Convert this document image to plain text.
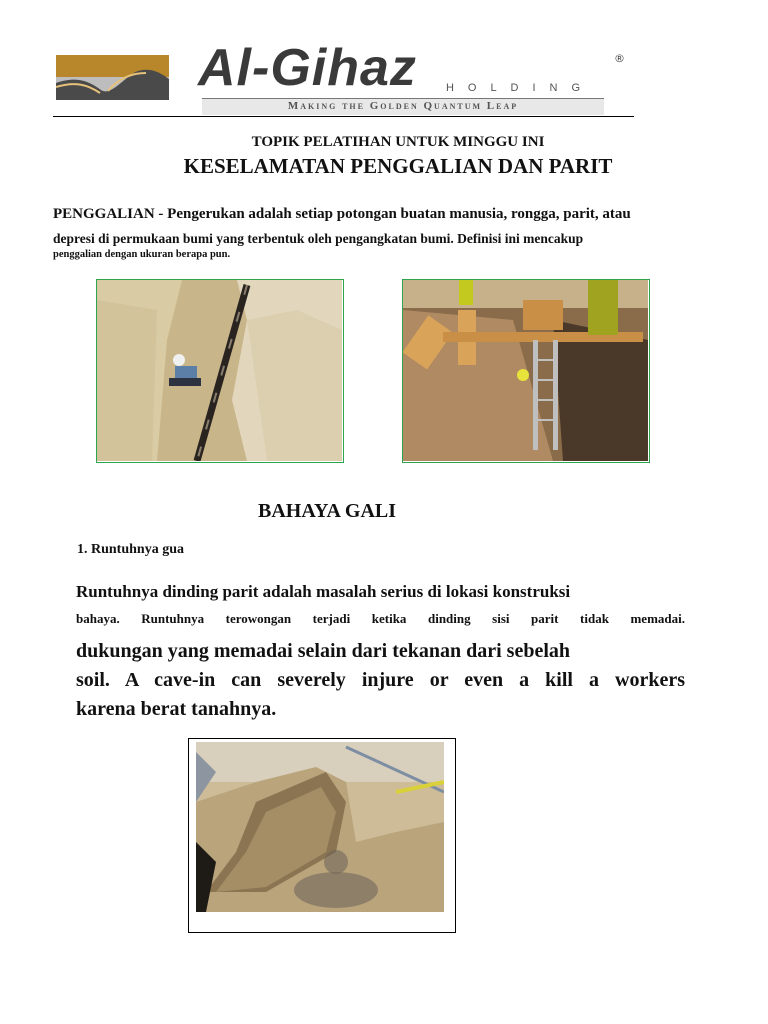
Al-Gihaz	®
HOLDING
Making the Golden Quantum Leap
TOPIK PELATIHAN UNTUK MINGGU INI
KESELAMATAN PENGGALIAN DAN PARIT
PENGGALIAN - Pengerukan adalah setiap potongan buatan manusia, rongga, parit, atau
depresi di permukaan bumi yang terbentuk oleh pengangkatan bumi. Definisi ini mencakup
penggalian dengan ukuran berapa pun.
BAHAYA GALI
1. Runtuhnya gua
Runtuhnya dinding parit adalah masalah serius di lokasi konstruksi
bahaya. Runtuhnya terowongan terjadi ketika dinding sisi parit tidak memadai.
dukungan yang memadai selain dari tekanan dari sebelah
soil. A cave-in can severely injure or even a kill a workers
karena berat tanahnya.
